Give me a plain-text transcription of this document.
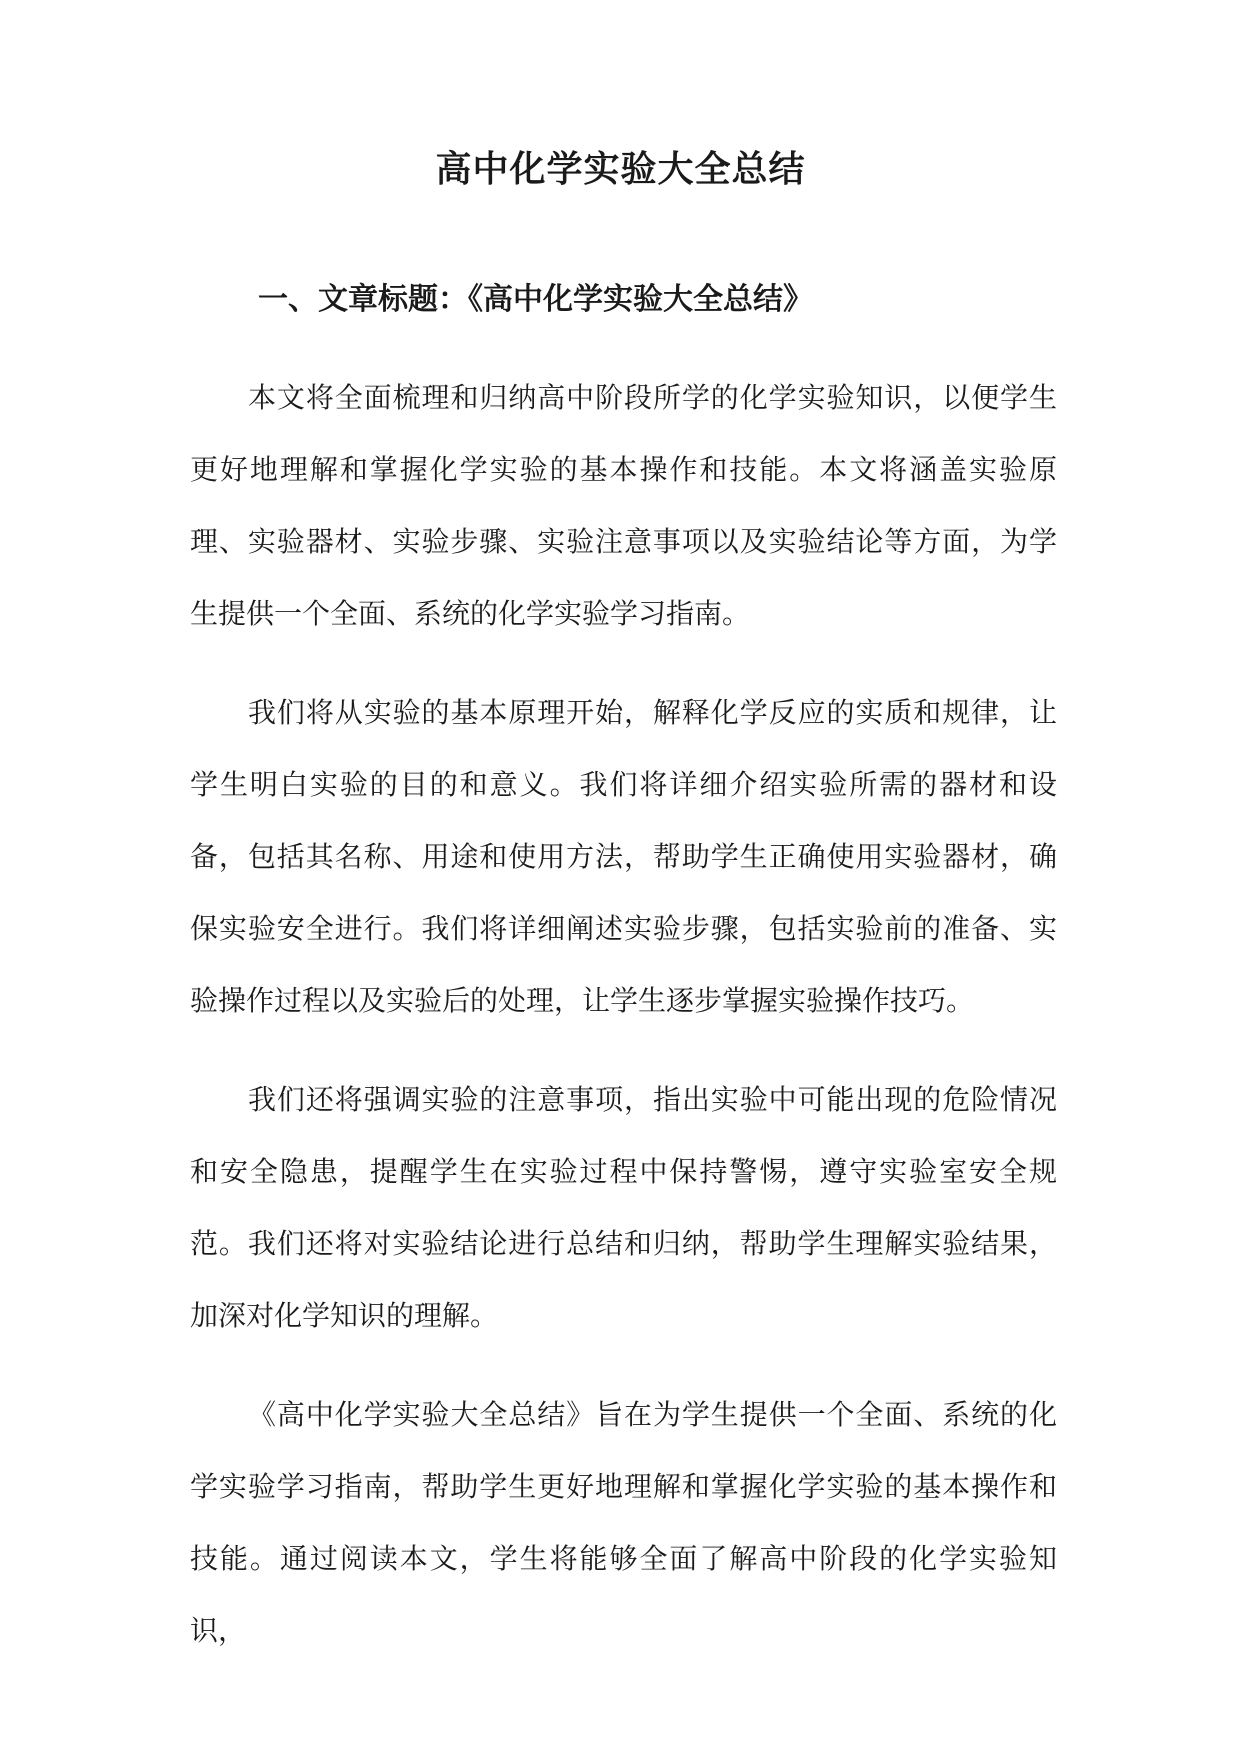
高中化学实验大全总结
一、文章标题：《高中化学实验大全总结》

本文将全面梳理和归纳高中阶段所学的化学实验知识，以便学生更好地理解和掌握化学实验的基本操作和技能。本文将涵盖实验原理、实验器材、实验步骤、实验注意事项以及实验结论等方面，为学生提供一个全面、系统的化学实验学习指南。

我们将从实验的基本原理开始，解释化学反应的实质和规律，让学生明白实验的目的和意义。我们将详细介绍实验所需的器材和设备，包括其名称、用途和使用方法，帮助学生正确使用实验器材，确保实验安全进行。我们将详细阐述实验步骤，包括实验前的准备、实验操作过程以及实验后的处理，让学生逐步掌握实验操作技巧。

我们还将强调实验的注意事项，指出实验中可能出现的危险情况和安全隐患，提醒学生在实验过程中保持警惕，遵守实验室安全规范。我们还将对实验结论进行总结和归纳，帮助学生理解实验结果，加深对化学知识的理解。

《高中化学实验大全总结》旨在为学生提供一个全面、系统的化学实验学习指南，帮助学生更好地理解和掌握化学实验的基本操作和技能。通过阅读本文，学生将能够全面了解高中阶段的化学实验知识，
